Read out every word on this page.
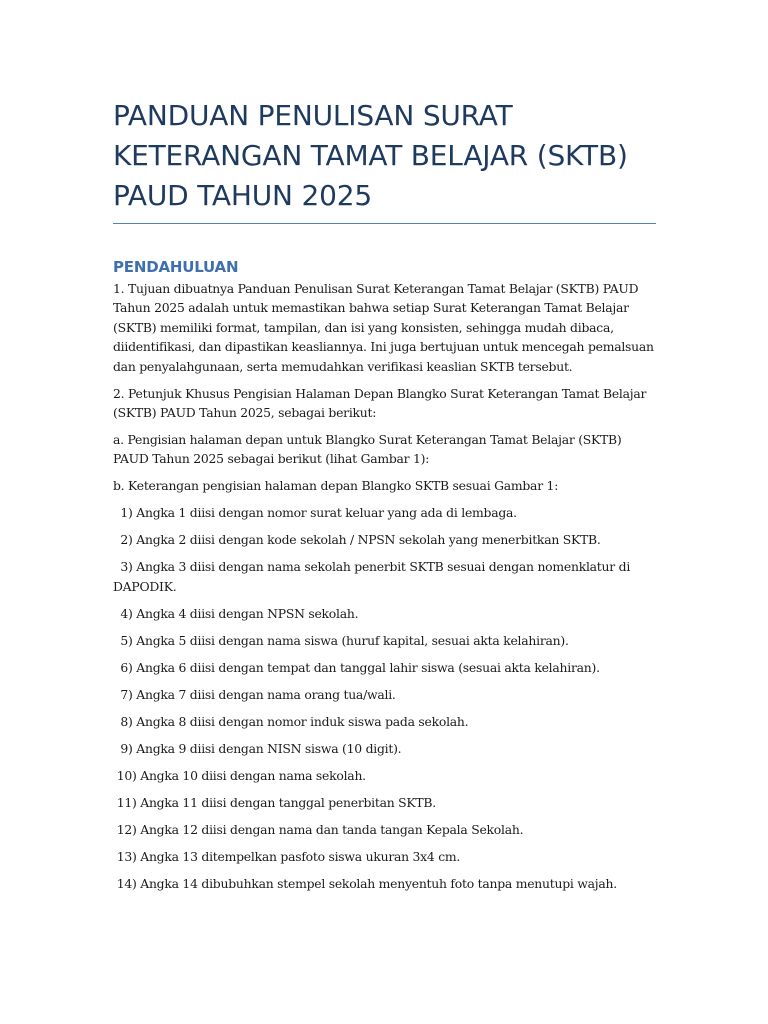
PANDUAN PENULISAN SURAT KETERANGAN TAMAT BELAJAR (SKTB) PAUD TAHUN 2025
PENDAHULUAN

1. Tujuan dibuatnya Panduan Penulisan Surat Keterangan Tamat Belajar (SKTB) PAUD Tahun 2025 adalah untuk memastikan bahwa setiap Surat Keterangan Tamat Belajar (SKTB) memiliki format, tampilan, dan isi yang konsisten, sehingga mudah dibaca, diidentifikasi, dan dipastikan keasliannya. Ini juga bertujuan untuk mencegah pemalsuan dan penyalahgunaan, serta memudahkan verifikasi keaslian SKTB tersebut.

2. Petunjuk Khusus Pengisian Halaman Depan Blangko Surat Keterangan Tamat Belajar (SKTB) PAUD Tahun 2025, sebagai berikut:

a. Pengisian halaman depan untuk Blangko Surat Keterangan Tamat Belajar (SKTB) PAUD Tahun 2025 sebagai berikut (lihat Gambar 1):

b. Keterangan pengisian halaman depan Blangko SKTB sesuai Gambar 1:

1) Angka 1 diisi dengan nomor surat keluar yang ada di lembaga.

2) Angka 2 diisi dengan kode sekolah / NPSN sekolah yang menerbitkan SKTB.

3) Angka 3 diisi dengan nama sekolah penerbit SKTB sesuai dengan nomenklatur di DAPODIK.

4) Angka 4 diisi dengan NPSN sekolah.

5) Angka 5 diisi dengan nama siswa (huruf kapital, sesuai akta kelahiran).

6) Angka 6 diisi dengan tempat dan tanggal lahir siswa (sesuai akta kelahiran).

7) Angka 7 diisi dengan nama orang tua/wali.

8) Angka 8 diisi dengan nomor induk siswa pada sekolah.

9) Angka 9 diisi dengan NISN siswa (10 digit).

10) Angka 10 diisi dengan nama sekolah.

11) Angka 11 diisi dengan tanggal penerbitan SKTB.

12) Angka 12 diisi dengan nama dan tanda tangan Kepala Sekolah.

13) Angka 13 ditempelkan pasfoto siswa ukuran 3x4 cm.

14) Angka 14 dibubuhkan stempel sekolah menyentuh foto tanpa menutupi wajah.
